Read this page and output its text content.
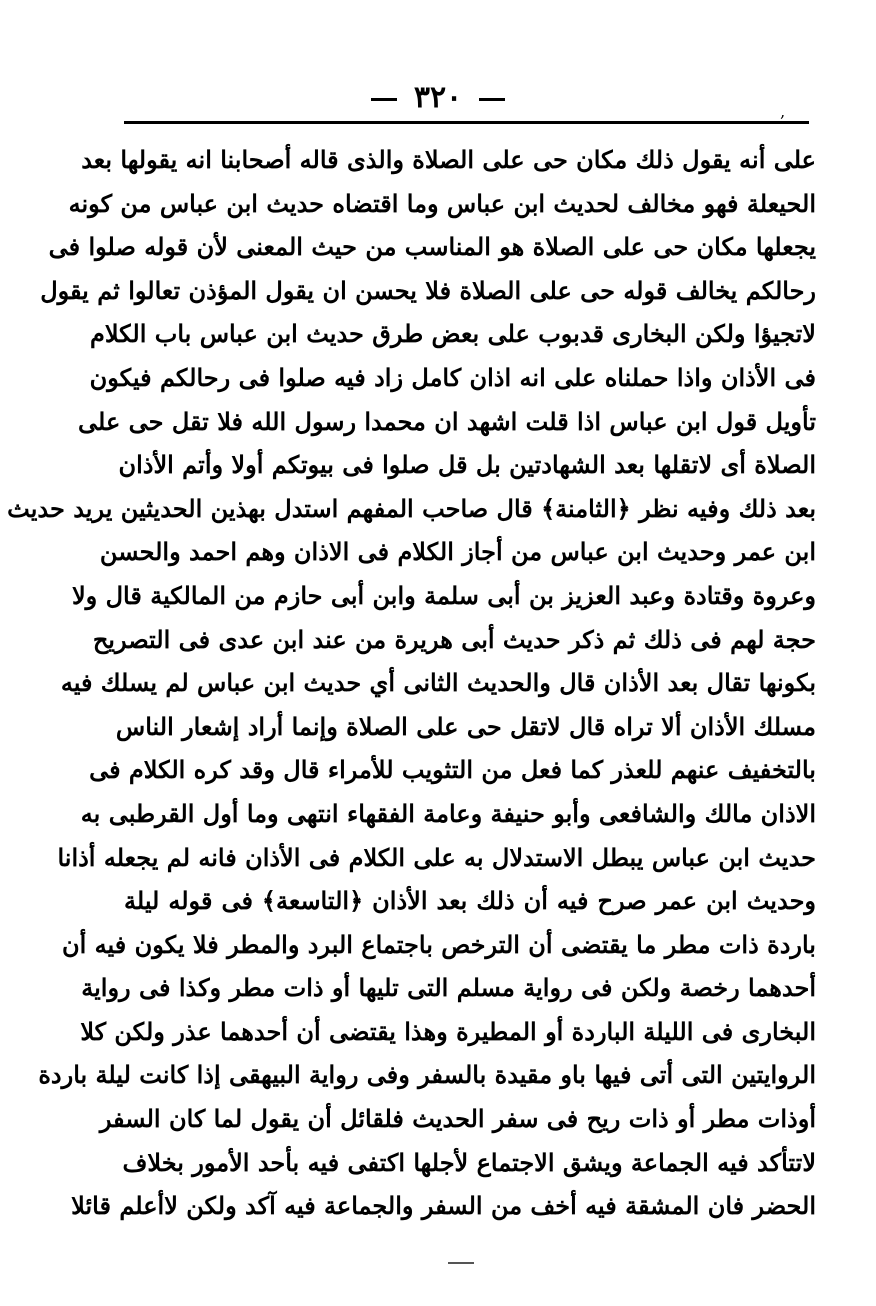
٣٢٠	‚
على أنه يقول ذلك مكان حى على الصلاة والذى قاله أصحابنا انه يقولها بعد
الحيعلة فهو مخالف لحديث ابن عباس وما اقتضاه حديث ابن عباس من كونه
يجعلها مكان حى على الصلاة هو المناسب من حيث المعنى لأن قوله صلوا فى
رحالكم يخالف قوله حى على الصلاة فلا يحسن ان يقول المؤذن تعالوا ثم يقول
لاتجيؤا ولكن البخارى قدبوب على بعض طرق حديث ابن عباس باب الكلام
فى الأذان واذا حملناه على انه اذان كامل زاد فيه صلوا فى رحالكم فيكون
تأويل قول ابن عباس اذا قلت اشهد ان محمدا رسول الله فلا تقل حى على
الصلاة أى لاتقلها بعد الشهادتين بل قل صلوا فى بيوتكم أولا وأتم الأذان
بعد ذلك وفيه نظر ﴿الثامنة﴾ قال صاحب المفهم استدل بهذين الحديثين يريد حديث
ابن عمر وحديث ابن عباس من أجاز الكلام فى الاذان وهم احمد والحسن
وعروة وقتادة وعبد العزيز بن أبى سلمة وابن أبى حازم من المالكية قال ولا
حجة لهم فى ذلك ثم ذكر حديث أبى هريرة من عند ابن عدى فى التصريح
بكونها تقال بعد الأذان قال والحديث الثانى أي حديث ابن عباس لم يسلك فيه
مسلك الأذان ألا تراه قال لاتقل حى على الصلاة وإنما أراد إشعار الناس
بالتخفيف عنهم للعذر كما فعل من التثويب للأمراء قال وقد كره الكلام فى
الاذان مالك والشافعى وأبو حنيفة وعامة الفقهاء انتهى وما أول القرطبى به
حديث ابن عباس يبطل الاستدلال به على الكلام فى الأذان فانه لم يجعله أذانا
وحديث ابن عمر صرح فيه أن ذلك بعد الأذان ﴿التاسعة﴾ فى قوله ليلة
باردة ذات مطر ما يقتضى أن الترخص باجتماع البرد والمطر فلا يكون فيه أن
أحدهما رخصة ولكن فى رواية مسلم التى تليها أو ذات مطر وكذا فى رواية
البخارى فى الليلة الباردة أو المطيرة وهذا يقتضى أن أحدهما عذر ولكن كلا
الروايتين التى أتى فيها باو مقيدة بالسفر وفى رواية البيهقى إذا كانت ليلة باردة
أوذات مطر أو ذات ريح فى سفر الحديث فلقائل أن يقول لما كان السفر
لاتتأكد فيه الجماعة ويشق الاجتماع لأجلها اكتفى فيه بأحد الأمور بخلاف
الحضر فان المشقة فيه أخف من السفر والجماعة فيه آكد ولكن لاأعلم قائلا
